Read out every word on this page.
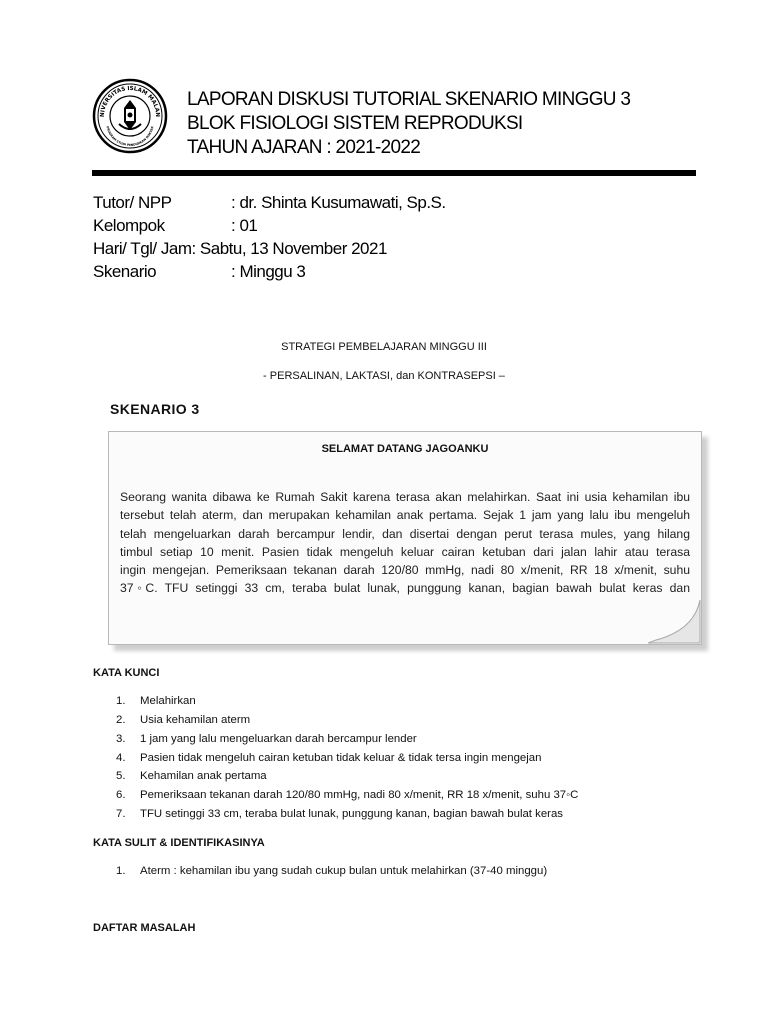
NIVERSITAS ISLAM MALAN
PROGRAM STUDI PENDIDIKAN DOKTER
LAPORAN DISKUSI TUTORIAL SKENARIO MINGGU 3
BLOK FISIOLOGI SISTEM REPRODUKSI
TAHUN AJARAN : 2021-2022
Tutor/ NPP	: dr. Shinta Kusumawati, Sp.S.
Kelompok	: 01
Hari/ Tgl/ Jam: Sabtu, 13 November 2021
Skenario	: Minggu 3
STRATEGI PEMBELAJARAN MINGGU III
- PERSALINAN, LAKTASI, dan KONTRASEPSI –
SKENARIO 3
SELAMAT DATANG JAGOANKU
Seorang wanita dibawa ke Rumah Sakit karena terasa akan melahirkan. Saat ini usia kehamilan ibu
tersebut telah aterm, dan merupakan kehamilan anak pertama. Sejak 1 jam yang lalu ibu mengeluh
telah mengeluarkan darah bercampur lendir, dan disertai dengan perut terasa mules, yang hilang
timbul setiap 10 menit. Pasien tidak mengeluh keluar cairan ketuban dari jalan lahir atau terasa
ingin mengejan. Pemeriksaan tekanan darah 120/80 mmHg, nadi 80 x/menit, RR 18 x/menit, suhu
37◦C. TFU setinggi 33 cm, teraba bulat lunak, punggung kanan, bagian bawah bulat keras dan
KATA KUNCI
1. Melahirkan
2. Usia kehamilan aterm
3. 1 jam yang lalu mengeluarkan darah bercampur lender
4. Pasien tidak mengeluh cairan ketuban tidak keluar & tidak tersa ingin mengejan
5. Kehamilan anak pertama
6. Pemeriksaan tekanan darah 120/80 mmHg, nadi 80 x/menit, RR 18 x/menit, suhu 37◦C
7. TFU setinggi 33 cm, teraba bulat lunak, punggung kanan, bagian bawah bulat keras
KATA SULIT & IDENTIFIKASINYA
1. Aterm : kehamilan ibu yang sudah cukup bulan untuk melahirkan (37-40 minggu)
DAFTAR MASALAH
